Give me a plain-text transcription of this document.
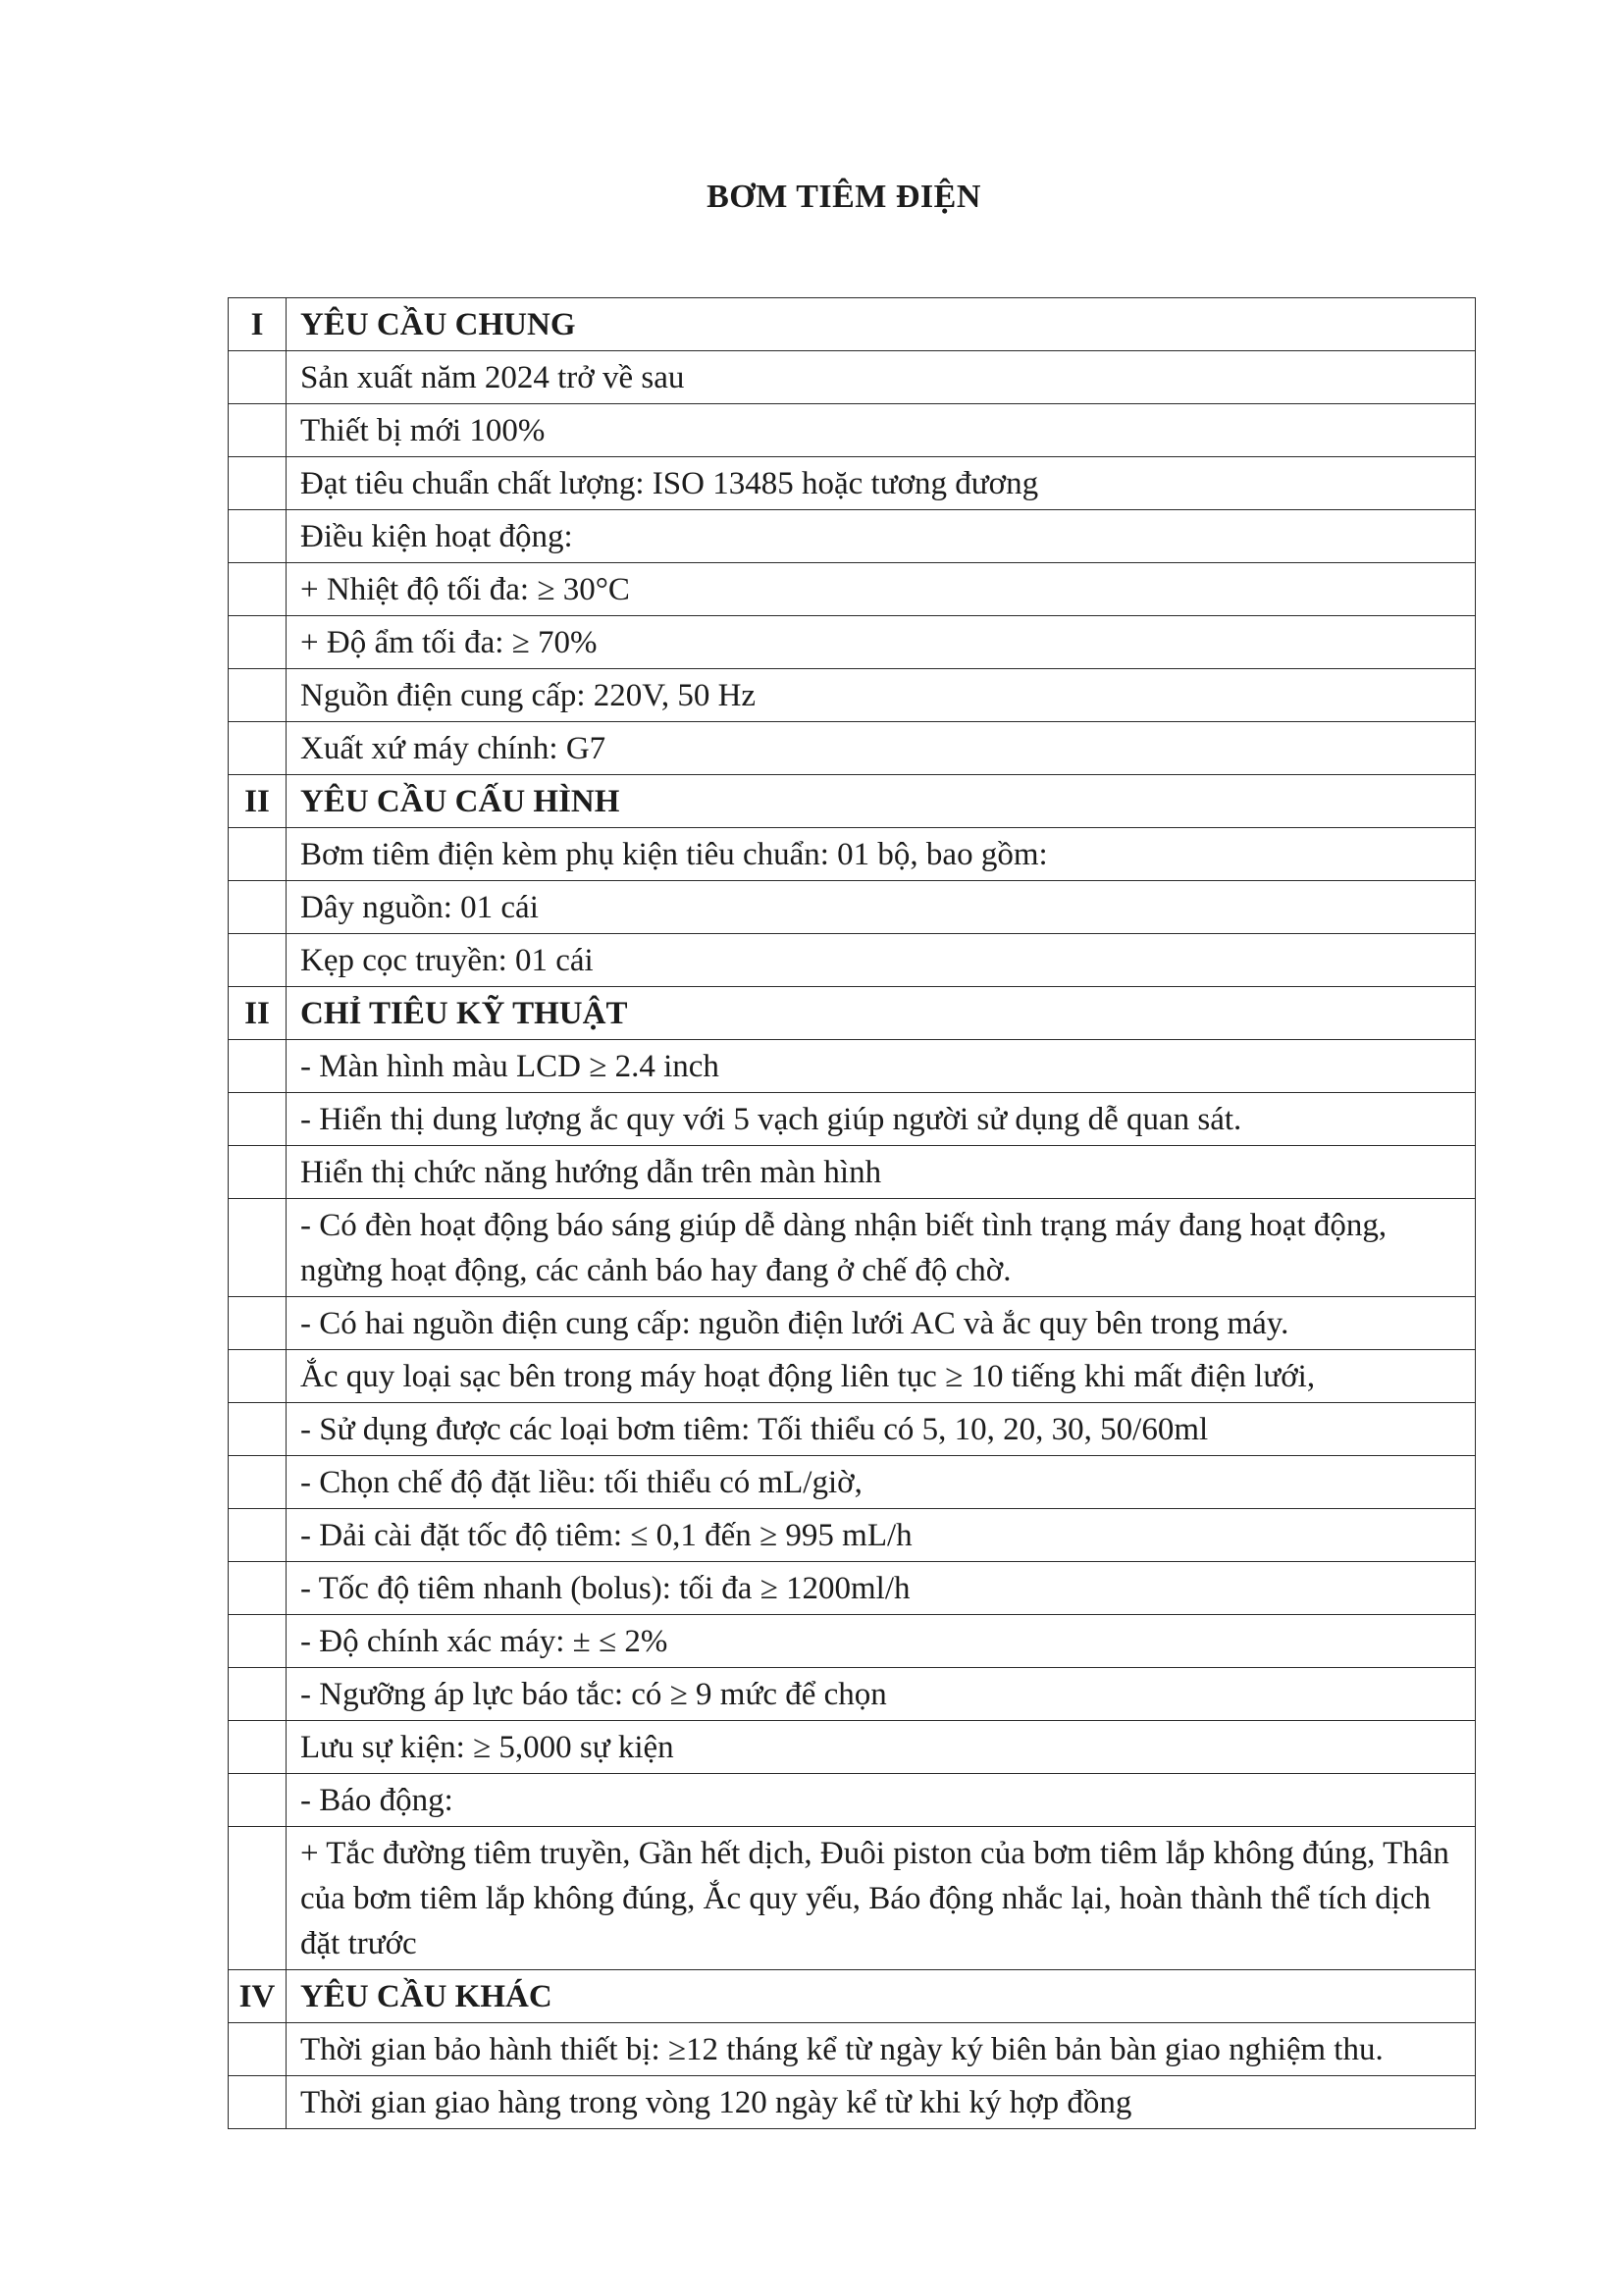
BƠM TIÊM ĐIỆN
I	YÊU CẦU CHUNG
	Sản xuất năm 2024 trở về sau
	Thiết bị mới 100%
	Đạt tiêu chuẩn chất lượng: ISO 13485 hoặc tương đương
	Điều kiện hoạt động:
	+ Nhiệt độ tối đa: ≥ 30°C
	+ Độ ẩm tối đa: ≥ 70%
	Nguồn điện cung cấp: 220V, 50 Hz
	Xuất xứ máy chính: G7
II	YÊU CẦU CẤU HÌNH
	Bơm tiêm điện kèm phụ kiện tiêu chuẩn: 01 bộ, bao gồm:
	Dây nguồn: 01 cái
	Kẹp cọc truyền: 01 cái
II	CHỈ TIÊU KỸ THUẬT
	- Màn hình màu LCD ≥ 2.4 inch
	- Hiển thị dung lượng ắc quy với 5 vạch giúp người sử dụng dễ quan sát.
	Hiển thị chức năng hướng dẫn trên màn hình
	- Có đèn hoạt động báo sáng giúp dễ dàng nhận biết tình trạng máy đang hoạt động, ngừng hoạt động, các cảnh báo hay đang ở chế độ chờ.
	- Có hai nguồn điện cung cấp: nguồn điện lưới AC và ắc quy bên trong máy.
	Ắc quy loại sạc bên trong máy hoạt động liên tục ≥ 10 tiếng khi mất điện lưới,
	- Sử dụng được các loại bơm tiêm: Tối thiểu có 5, 10, 20, 30, 50/60ml
	- Chọn chế độ đặt liều: tối thiểu có mL/giờ,
	- Dải cài đặt tốc độ tiêm: ≤ 0,1 đến ≥ 995 mL/h
	- Tốc độ tiêm nhanh (bolus): tối đa ≥ 1200ml/h
	- Độ chính xác máy: ± ≤ 2%
	- Ngưỡng áp lực báo tắc: có ≥ 9 mức để chọn
	Lưu sự kiện: ≥ 5,000 sự kiện
	- Báo động:
	+ Tắc đường tiêm truyền, Gần hết dịch, Đuôi piston của bơm tiêm lắp không đúng, Thân của bơm tiêm lắp không đúng, Ắc quy yếu, Báo động nhắc lại, hoàn thành thể tích dịch đặt trước
IV	YÊU CẦU KHÁC
	Thời gian bảo hành thiết bị: ≥12 tháng kể từ ngày ký biên bản bàn giao nghiệm thu.
	Thời gian giao hàng trong vòng 120 ngày kể từ khi ký hợp đồng
